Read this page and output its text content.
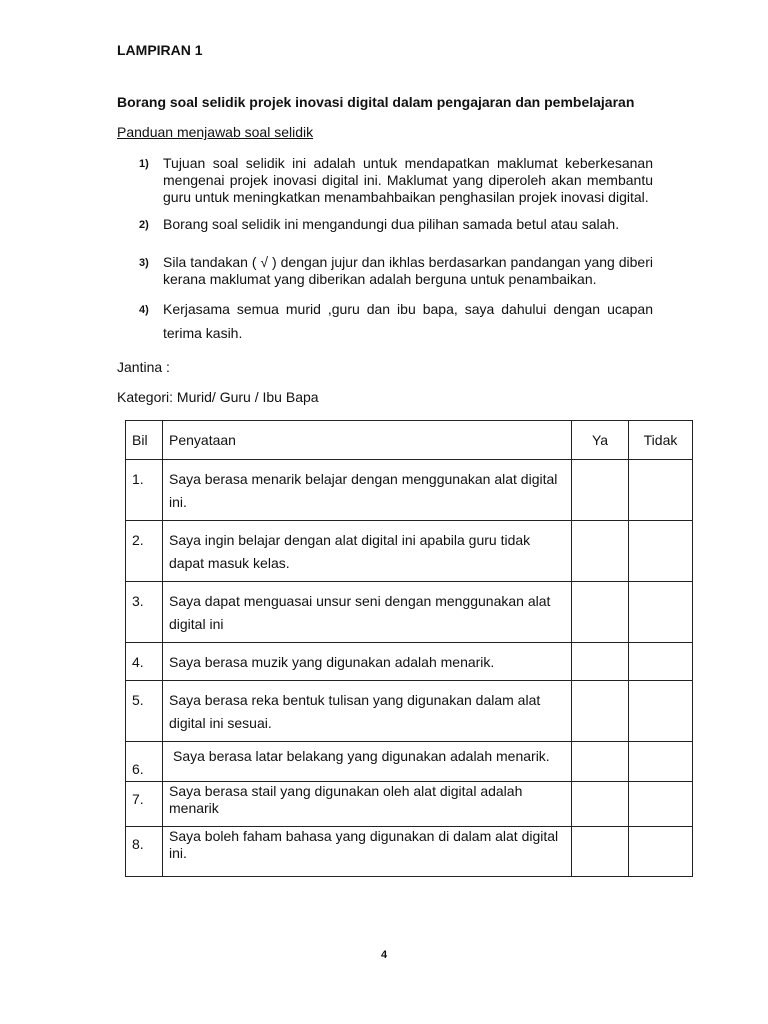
LAMPIRAN 1
Borang soal selidik projek inovasi digital dalam pengajaran dan pembelajaran
Panduan menjawab soal selidik
1) Tujuan soal selidik ini adalah untuk mendapatkan maklumat keberkesanan mengenai projek inovasi digital ini. Maklumat yang diperoleh akan membantu guru untuk meningkatkan menambahbaikan penghasilan projek inovasi digital.
2) Borang soal selidik ini mengandungi dua pilihan samada betul atau salah.
3) Sila tandakan ( √ ) dengan jujur dan ikhlas berdasarkan pandangan yang diberi kerana maklumat yang diberikan adalah berguna untuk penambaikan.
4) Kerjasama semua murid ,guru dan ibu bapa, saya dahului dengan ucapan terima kasih.
Jantina :
Kategori: Murid/ Guru / Ibu Bapa
Bil	Penyataan	Ya	Tidak

1.	Saya berasa menarik belajar dengan menggunakan alat digital ini.		

2.	Saya ingin belajar dengan alat digital ini apabila guru tidak dapat masuk kelas.		

3.	Saya dapat menguasai unsur seni dengan menggunakan alat digital ini		

4.	Saya berasa muzik yang digunakan adalah menarik.		

5.	Saya berasa reka bentuk tulisan yang digunakan dalam alat digital ini sesuai.		

6.	Saya berasa latar belakang yang digunakan adalah menarik.		

7.	Saya berasa stail yang digunakan oleh alat digital adalah menarik		

8.	Saya boleh faham bahasa yang digunakan di dalam alat digital ini.		

4
